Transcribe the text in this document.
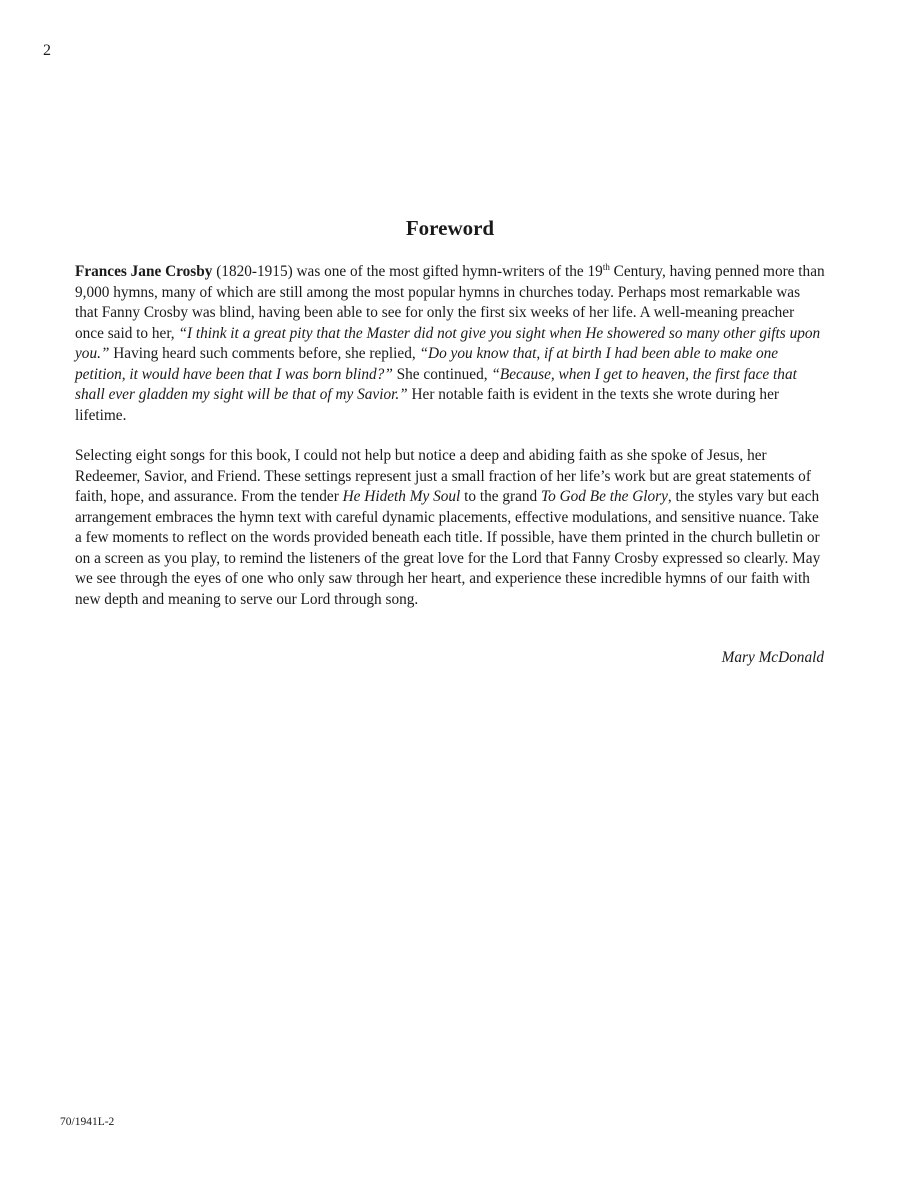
2
Foreword

Frances Jane Crosby (1820-1915) was one of the most gifted hymn-writers of the 19th Century, having penned more than 9,000 hymns, many of which are still among the most popular hymns in churches today. Perhaps most remarkable was that Fanny Crosby was blind, having been able to see for only the first six weeks of her life. A well-meaning preacher once said to her, “I think it a great pity that the Master did not give you sight when He showered so many other gifts upon you.” Having heard such comments before, she replied, “Do you know that, if at birth I had been able to make one petition, it would have been that I was born blind?” She continued, “Because, when I get to heaven, the first face that shall ever gladden my sight will be that of my Savior.” Her notable faith is evident in the texts she wrote during her lifetime.

Selecting eight songs for this book, I could not help but notice a deep and abiding faith as she spoke of Jesus, her Redeemer, Savior, and Friend. These settings represent just a small fraction of her life’s work but are great statements of faith, hope, and assurance. From the tender He Hideth My Soul to the grand To God Be the Glory, the styles vary but each arrangement embraces the hymn text with careful dynamic placements, effective modulations, and sensitive nuance. Take a few moments to reflect on the words provided beneath each title. If possible, have them printed in the church bulletin or on a screen as you play, to remind the listeners of the great love for the Lord that Fanny Crosby expressed so clearly. May we see through the eyes of one who only saw through her heart, and experience these incredible hymns of our faith with new depth and meaning to serve our Lord through song.

Mary McDonald
70/1941L-2
